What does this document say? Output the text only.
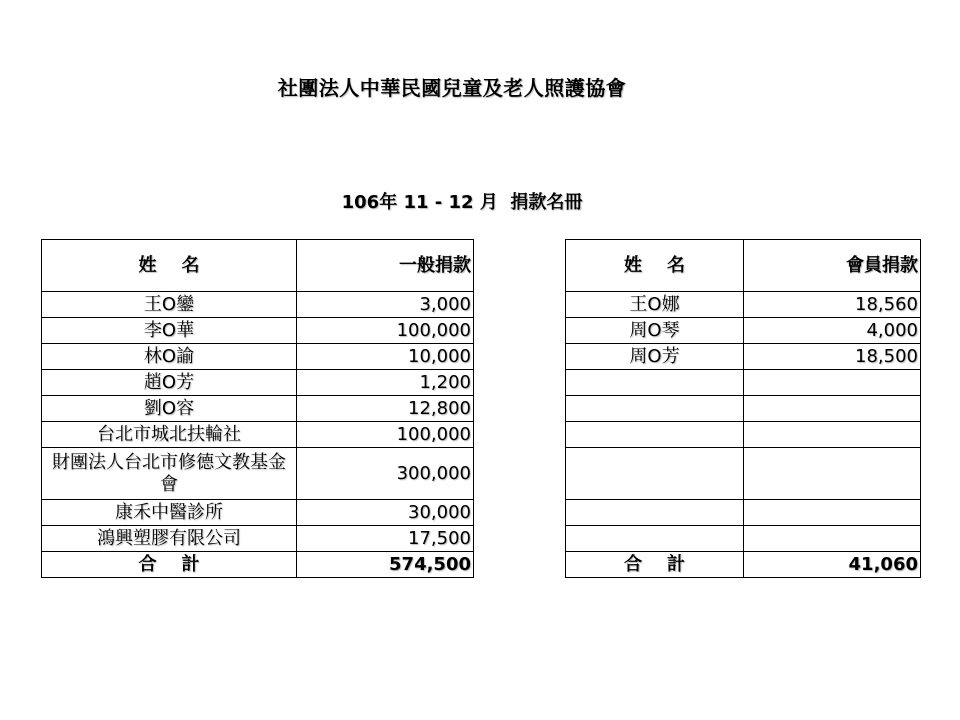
社團法人中華民國兒童及老人照護協會
106年 11 - 12 月  捐款名冊
姓    名	一般捐款
王O鑾	3,000
李O華	100,000
林O諭	10,000
趙O芳	1,200
劉O容	12,800
台北市城北扶輪社	100,000
財團法人台北市修德文教基金會	300,000
康禾中醫診所	30,000
鴻興塑膠有限公司	17,500
合    計	574,500
姓    名	會員捐款
王O娜	18,560
周O琴	4,000
周O芳	18,500

合    計	41,060
